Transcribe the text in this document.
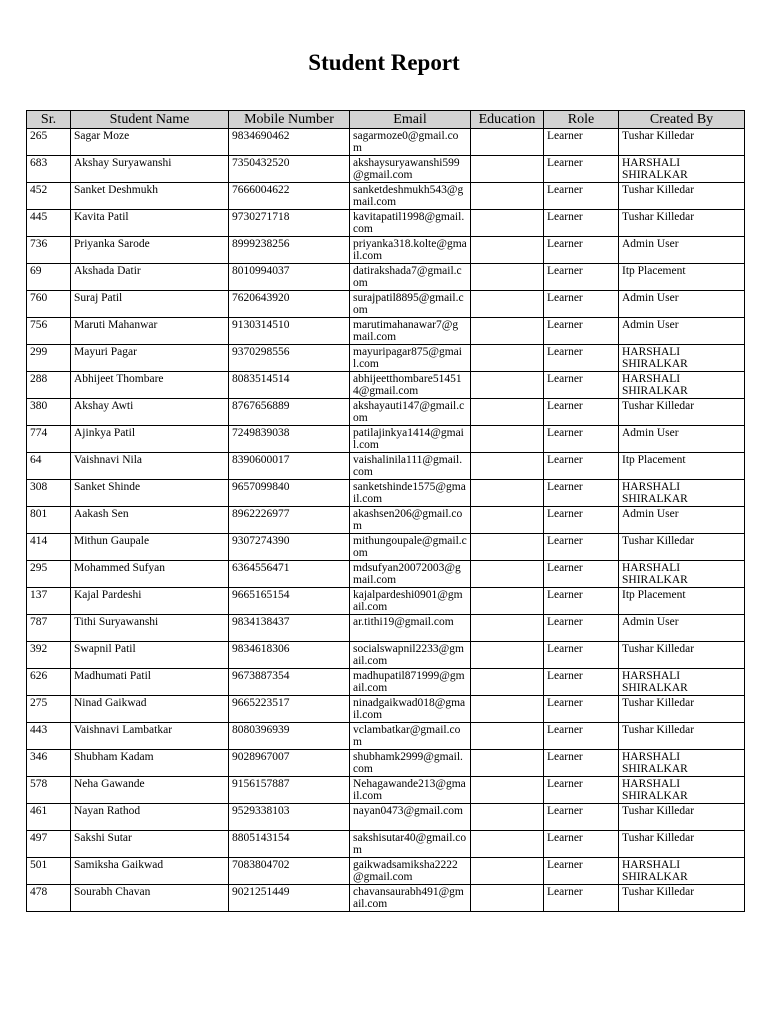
Student Report
Sr.	Student Name	Mobile Number	Email	Education	Role	Created By
265	Sagar Moze	9834690462	sagarmoze0@gmail.com		Learner	Tushar Killedar
683	Akshay Suryawanshi	7350432520	akshaysuryawanshi599@gmail.com		Learner	HARSHALI SHIRALKAR
452	Sanket Deshmukh	7666004622	sanketdeshmukh543@gmail.com		Learner	Tushar Killedar
445	Kavita Patil	9730271718	kavitapatil1998@gmail.com		Learner	Tushar Killedar
736	Priyanka Sarode	8999238256	priyanka318.kolte@gmail.com		Learner	Admin User
69	Akshada Datir	8010994037	datirakshada7@gmail.com		Learner	Itp Placement
760	Suraj Patil	7620643920	surajpatil8895@gmail.com		Learner	Admin User
756	Maruti Mahanwar	9130314510	marutimahanawar7@gmail.com		Learner	Admin User
299	Mayuri Pagar	9370298556	mayuripagar875@gmail.com		Learner	HARSHALI SHIRALKAR
288	Abhijeet Thombare	8083514514	abhijeetthombare514514@gmail.com		Learner	HARSHALI SHIRALKAR
380	Akshay Awti	8767656889	akshayauti147@gmail.com		Learner	Tushar Killedar
774	Ajinkya Patil	7249839038	patilajinkya1414@gmail.com		Learner	Admin User
64	Vaishnavi Nila	8390600017	vaishalinila111@gmail.com		Learner	Itp Placement
308	Sanket Shinde	9657099840	sanketshinde1575@gmail.com		Learner	HARSHALI SHIRALKAR
801	Aakash Sen	8962226977	akashsen206@gmail.com		Learner	Admin User
414	Mithun Gaupale	9307274390	mithungoupale@gmail.com		Learner	Tushar Killedar
295	Mohammed Sufyan	6364556471	mdsufyan20072003@gmail.com		Learner	HARSHALI SHIRALKAR
137	Kajal Pardeshi	9665165154	kajalpardeshi0901@gmail.com		Learner	Itp Placement
787	Tithi Suryawanshi	9834138437	ar.tithi19@gmail.com		Learner	Admin User
392	Swapnil Patil	9834618306	socialswapnil2233@gmail.com		Learner	Tushar Killedar
626	Madhumati Patil	9673887354	madhupatil871999@gmail.com		Learner	HARSHALI SHIRALKAR
275	Ninad Gaikwad	9665223517	ninadgaikwad018@gmail.com		Learner	Tushar Killedar
443	Vaishnavi Lambatkar	8080396939	vclambatkar@gmail.com		Learner	Tushar Killedar
346	Shubham Kadam	9028967007	shubhamk2999@gmail.com		Learner	HARSHALI SHIRALKAR
578	Neha Gawande	9156157887	Nehagawande213@gmail.com		Learner	HARSHALI SHIRALKAR
461	Nayan Rathod	9529338103	nayan0473@gmail.com		Learner	Tushar Killedar
497	Sakshi Sutar	8805143154	sakshisutar40@gmail.com		Learner	Tushar Killedar
501	Samiksha Gaikwad	7083804702	gaikwadsamiksha2222@gmail.com		Learner	HARSHALI SHIRALKAR
478	Sourabh Chavan	9021251449	chavansaurabh491@gmail.com		Learner	Tushar Killedar
